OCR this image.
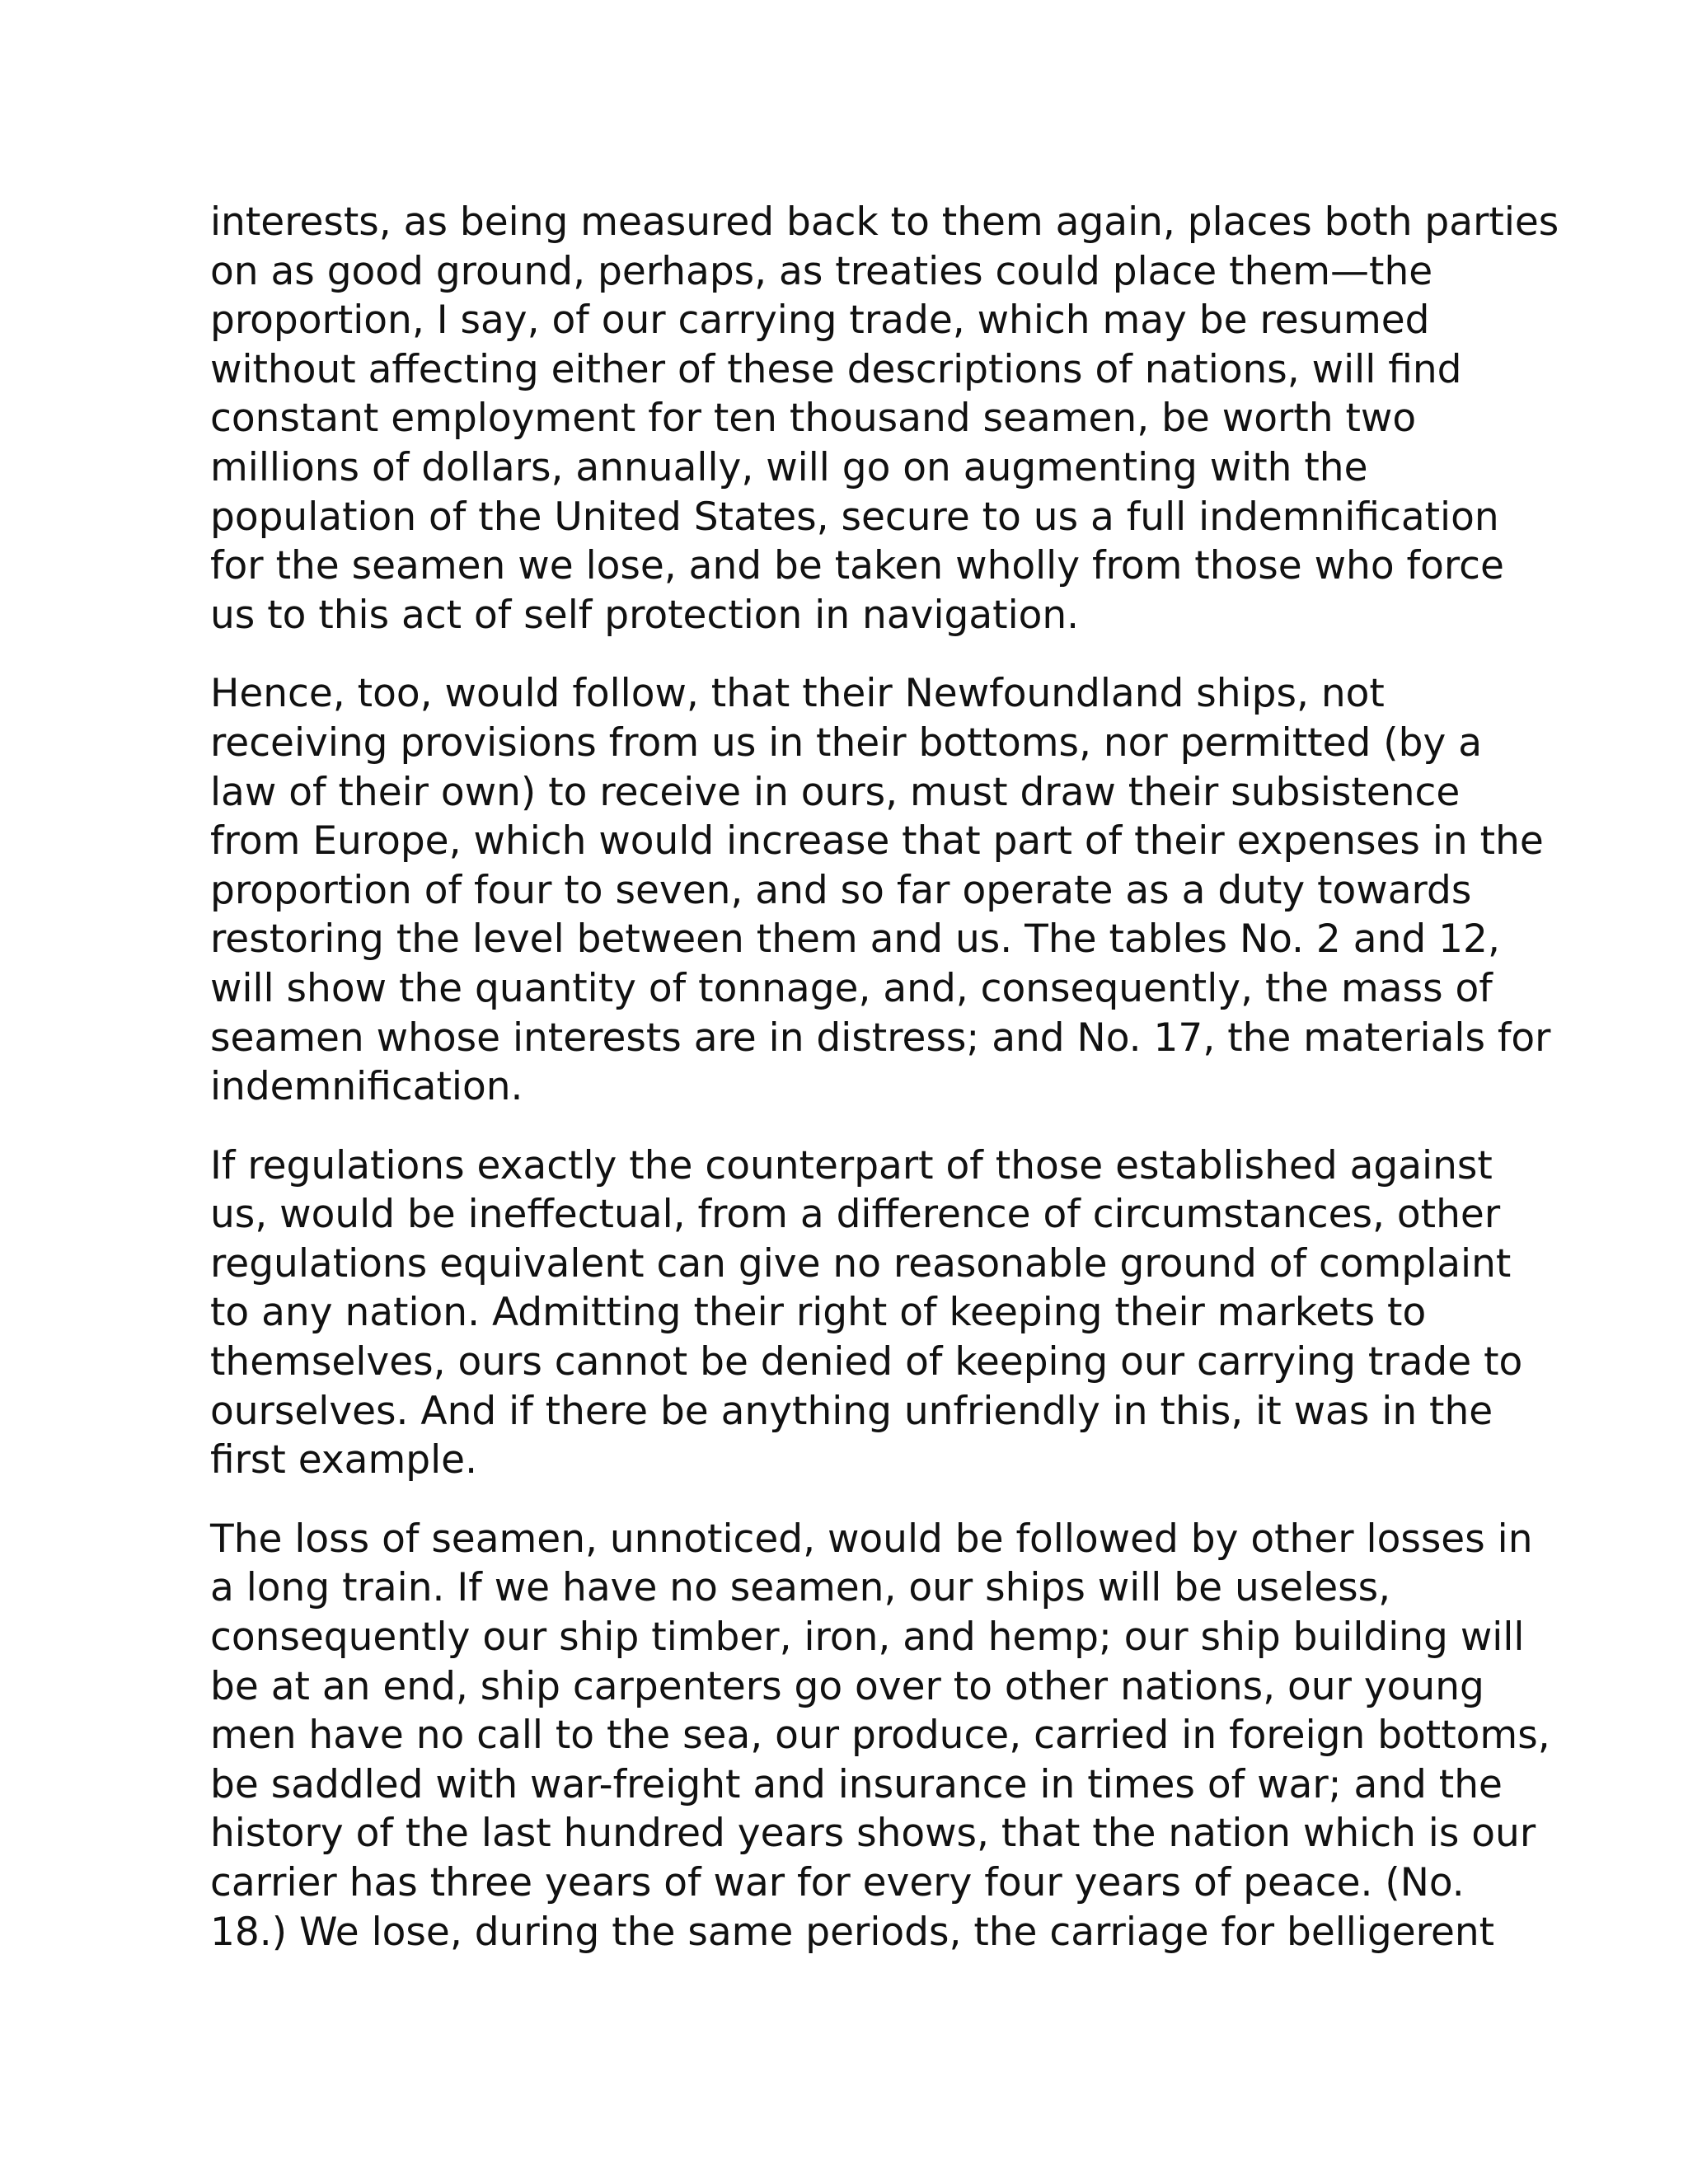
interests, as being measured back to them again, places both parties
on as good ground, perhaps, as treaties could place them—the
proportion, I say, of our carrying trade, which may be resumed
without affecting either of these descriptions of nations, will find
constant employment for ten thousand seamen, be worth two
millions of dollars, annually, will go on augmenting with the
population of the United States, secure to us a full indemnification
for the seamen we lose, and be taken wholly from those who force
us to this act of self protection in navigation.

Hence, too, would follow, that their Newfoundland ships, not
receiving provisions from us in their bottoms, nor permitted (by a
law of their own) to receive in ours, must draw their subsistence
from Europe, which would increase that part of their expenses in the
proportion of four to seven, and so far operate as a duty towards
restoring the level between them and us. The tables No. 2 and 12,
will show the quantity of tonnage, and, consequently, the mass of
seamen whose interests are in distress; and No. 17, the materials for
indemnification.

If regulations exactly the counterpart of those established against
us, would be ineffectual, from a difference of circumstances, other
regulations equivalent can give no reasonable ground of complaint
to any nation. Admitting their right of keeping their markets to
themselves, ours cannot be denied of keeping our carrying trade to
ourselves. And if there be anything unfriendly in this, it was in the
first example.

The loss of seamen, unnoticed, would be followed by other losses in
a long train. If we have no seamen, our ships will be useless,
consequently our ship timber, iron, and hemp; our ship building will
be at an end, ship carpenters go over to other nations, our young
men have no call to the sea, our produce, carried in foreign bottoms,
be saddled with war-freight and insurance in times of war; and the
history of the last hundred years shows, that the nation which is our
carrier has three years of war for every four years of peace. (No.
18.) We lose, during the same periods, the carriage for belligerent
